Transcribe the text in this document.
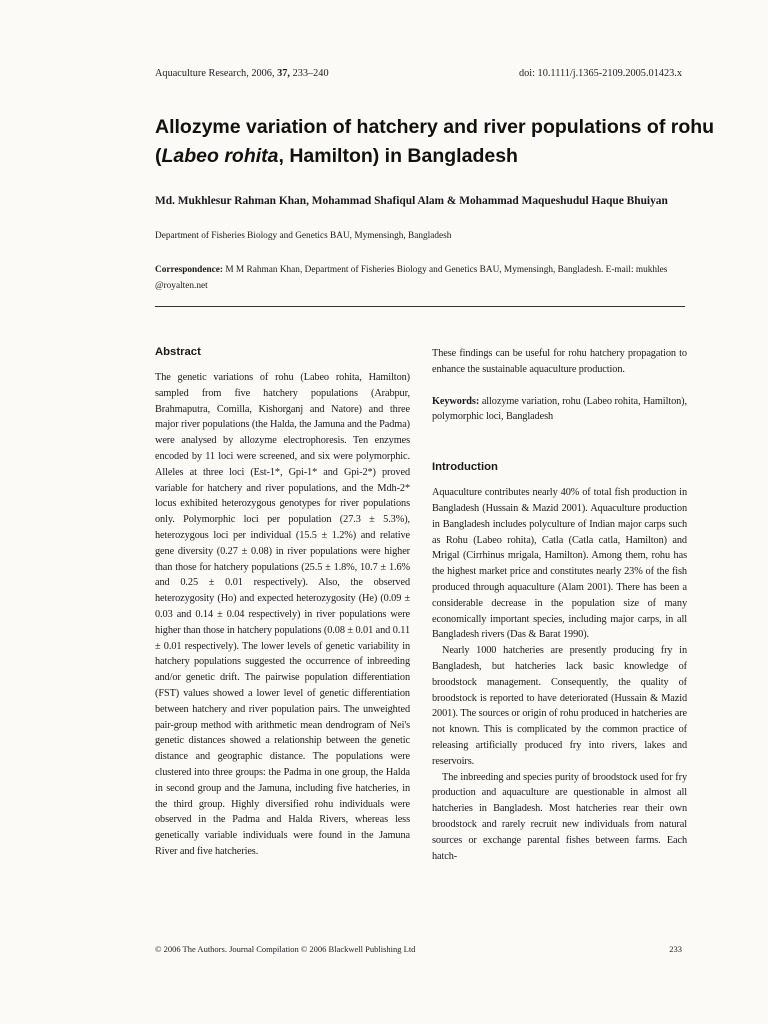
Aquaculture Research, 2006, 37, 233–240	doi: 10.1111/j.1365-2109.2005.01423.x
Allozyme variation of hatchery and river populations of rohu (Labeo rohita, Hamilton) in Bangladesh

Md. Mukhlesur Rahman Khan, Mohammad Shafiqul Alam & Mohammad Maqueshudul Haque Bhuiyan

Department of Fisheries Biology and Genetics BAU, Mymensingh, Bangladesh

Correspondence: M M Rahman Khan, Department of Fisheries Biology and Genetics BAU, Mymensingh, Bangladesh. E-mail: mukhles @royalten.net

Abstract

The genetic variations of rohu (Labeo rohita, Hamilton) sampled from five hatchery populations (Arabpur, Brahmaputra, Comilla, Kishorganj and Natore) and three major river populations (the Halda, the Jamuna and the Padma) were analysed by allozyme electrophoresis. Ten enzymes encoded by 11 loci were screened, and six were polymorphic. Alleles at three loci (Est-1*, Gpi-1* and Gpi-2*) proved variable for hatchery and river populations, and the Mdh-2* locus exhibited heterozygous genotypes for river populations only. Polymorphic loci per population (27.3 ± 5.3%), heterozygous loci per individual (15.5 ± 1.2%) and relative gene diversity (0.27 ± 0.08) in river populations were higher than those for hatchery populations (25.5 ± 1.8%, 10.7 ± 1.6% and 0.25 ± 0.01 respectively). Also, the observed heterozygosity (Ho) and expected heterozygosity (He) (0.09 ± 0.03 and 0.14 ± 0.04 respectively) in river populations were higher than those in hatchery populations (0.08 ± 0.01 and 0.11 ± 0.01 respectively). The lower levels of genetic variability in hatchery populations suggested the occurrence of inbreeding and/or genetic drift. The pairwise population differentiation (FST) values showed a lower level of genetic differentiation between hatchery and river population pairs. The unweighted pair-group method with arithmetic mean dendrogram of Nei's genetic distances showed a relationship between the genetic distance and geographic distance. The populations were clustered into three groups: the Padma in one group, the Halda in second group and the Jamuna, including five hatcheries, in the third group. Highly diversified rohu individuals were observed in the Padma and Halda Rivers, whereas less genetically variable individuals were found in the Jamuna River and five hatcheries.

These findings can be useful for rohu hatchery propagation to enhance the sustainable aquaculture production.

Keywords: allozyme variation, rohu (Labeo rohita, Hamilton), polymorphic loci, Bangladesh

Introduction

Aquaculture contributes nearly 40% of total fish production in Bangladesh (Hussain & Mazid 2001). Aquaculture production in Bangladesh includes polyculture of Indian major carps such as Rohu (Labeo rohita), Catla (Catla catla, Hamilton) and Mrigal (Cirrhinus mrigala, Hamilton). Among them, rohu has the highest market price and constitutes nearly 23% of the fish produced through aquaculture (Alam 2001). There has been a considerable decrease in the population size of many economically important species, including major carps, in all Bangladesh rivers (Das & Barat 1990).

Nearly 1000 hatcheries are presently producing fry in Bangladesh, but hatcheries lack basic knowledge of broodstock management. Consequently, the quality of broodstock is reported to have deteriorated (Hussain & Mazid 2001). The sources or origin of rohu produced in hatcheries are not known. This is complicated by the common practice of releasing artificially produced fry into rivers, lakes and reservoirs.

The inbreeding and species purity of broodstock used for fry production and aquaculture are questionable in almost all hatcheries in Bangladesh. Most hatcheries rear their own broodstock and rarely recruit new individuals from natural sources or exchange parental fishes between farms. Each hatch-

© 2006 The Authors. Journal Compilation © 2006 Blackwell Publishing Ltd	233
